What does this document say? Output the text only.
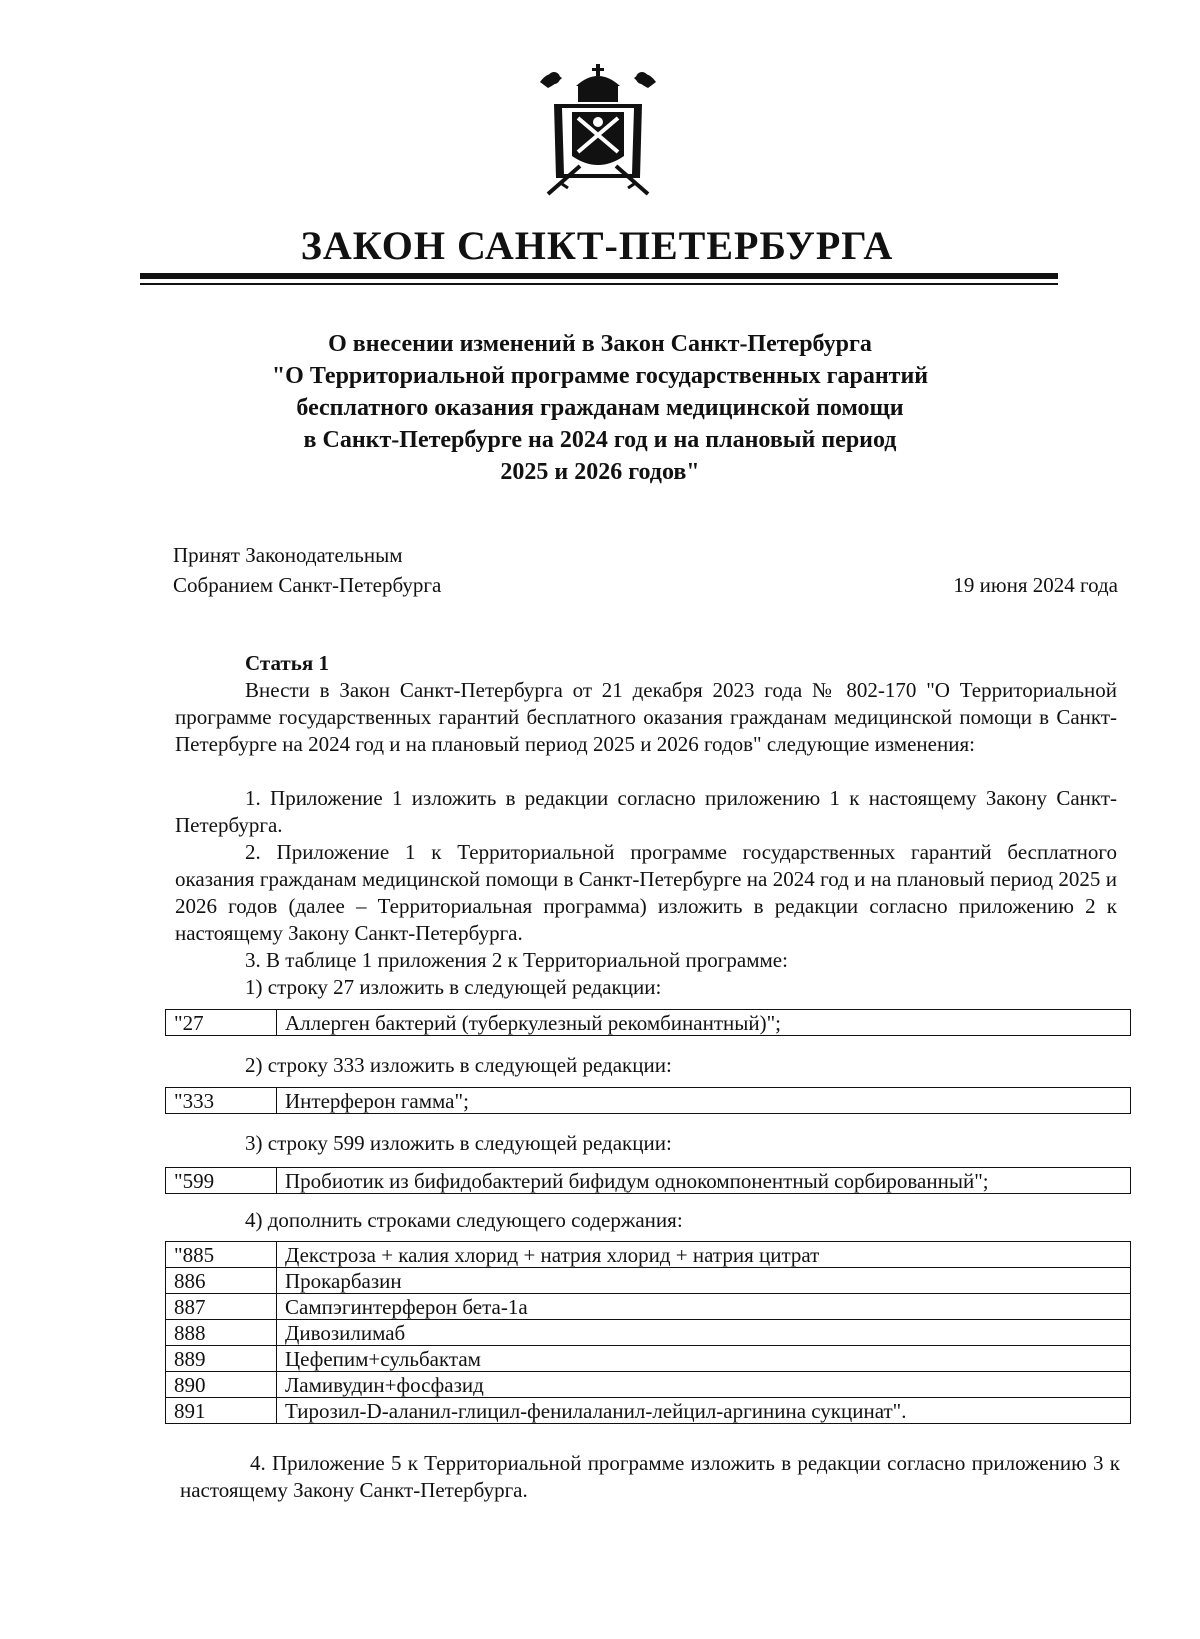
ЗАКОН САНКТ-ПЕТЕРБУРГА
О внесении изменений в Закон Санкт-Петербурга
"О Территориальной программе государственных гарантий
бесплатного оказания гражданам медицинской помощи
в Санкт-Петербурге на 2024 год и на плановый период
2025 и 2026 годов"
Принят Законодательным
Собранием Санкт-Петербурга	19 июня 2024 года
Статья 1
Внести в Закон Санкт-Петербурга от 21 декабря 2023 года № 802-170 "О Территориальной программе государственных гарантий бесплатного оказания гражданам медицинской помощи в Санкт-Петербурге на 2024 год и на плановый период 2025 и 2026 годов" следующие изменения:
1. Приложение 1 изложить в редакции согласно приложению 1 к настоящему Закону Санкт-Петербурга.
2. Приложение 1 к Территориальной программе государственных гарантий бесплатного оказания гражданам медицинской помощи в Санкт-Петербурге на 2024 год и на плановый период 2025 и 2026 годов (далее – Территориальная программа) изложить в редакции согласно приложению 2 к настоящему Закону Санкт-Петербурга.
3. В таблице 1 приложения 2 к Территориальной программе:
1) строку 27 изложить в следующей редакции:
"27	Аллерген бактерий (туберкулезный рекомбинантный)";
2) строку 333 изложить в следующей редакции:
"333	Интерферон гамма";
3) строку 599 изложить в следующей редакции:
"599	Пробиотик из бифидобактерий бифидум однокомпонентный сорбированный";
4) дополнить строками следующего содержания:
"885	Декстроза + калия хлорид + натрия хлорид + натрия цитрат
886	Прокарбазин
887	Сампэгинтерферон бета-1а
888	Дивозилимаб
889	Цефепим+сульбактам
890	Ламивудин+фосфазид
891	Тирозил-D-аланил-глицил-фенилаланил-лейцил-аргинина сукцинат".
4. Приложение 5 к Территориальной программе изложить в редакции согласно приложению 3 к настоящему Закону Санкт-Петербурга.
